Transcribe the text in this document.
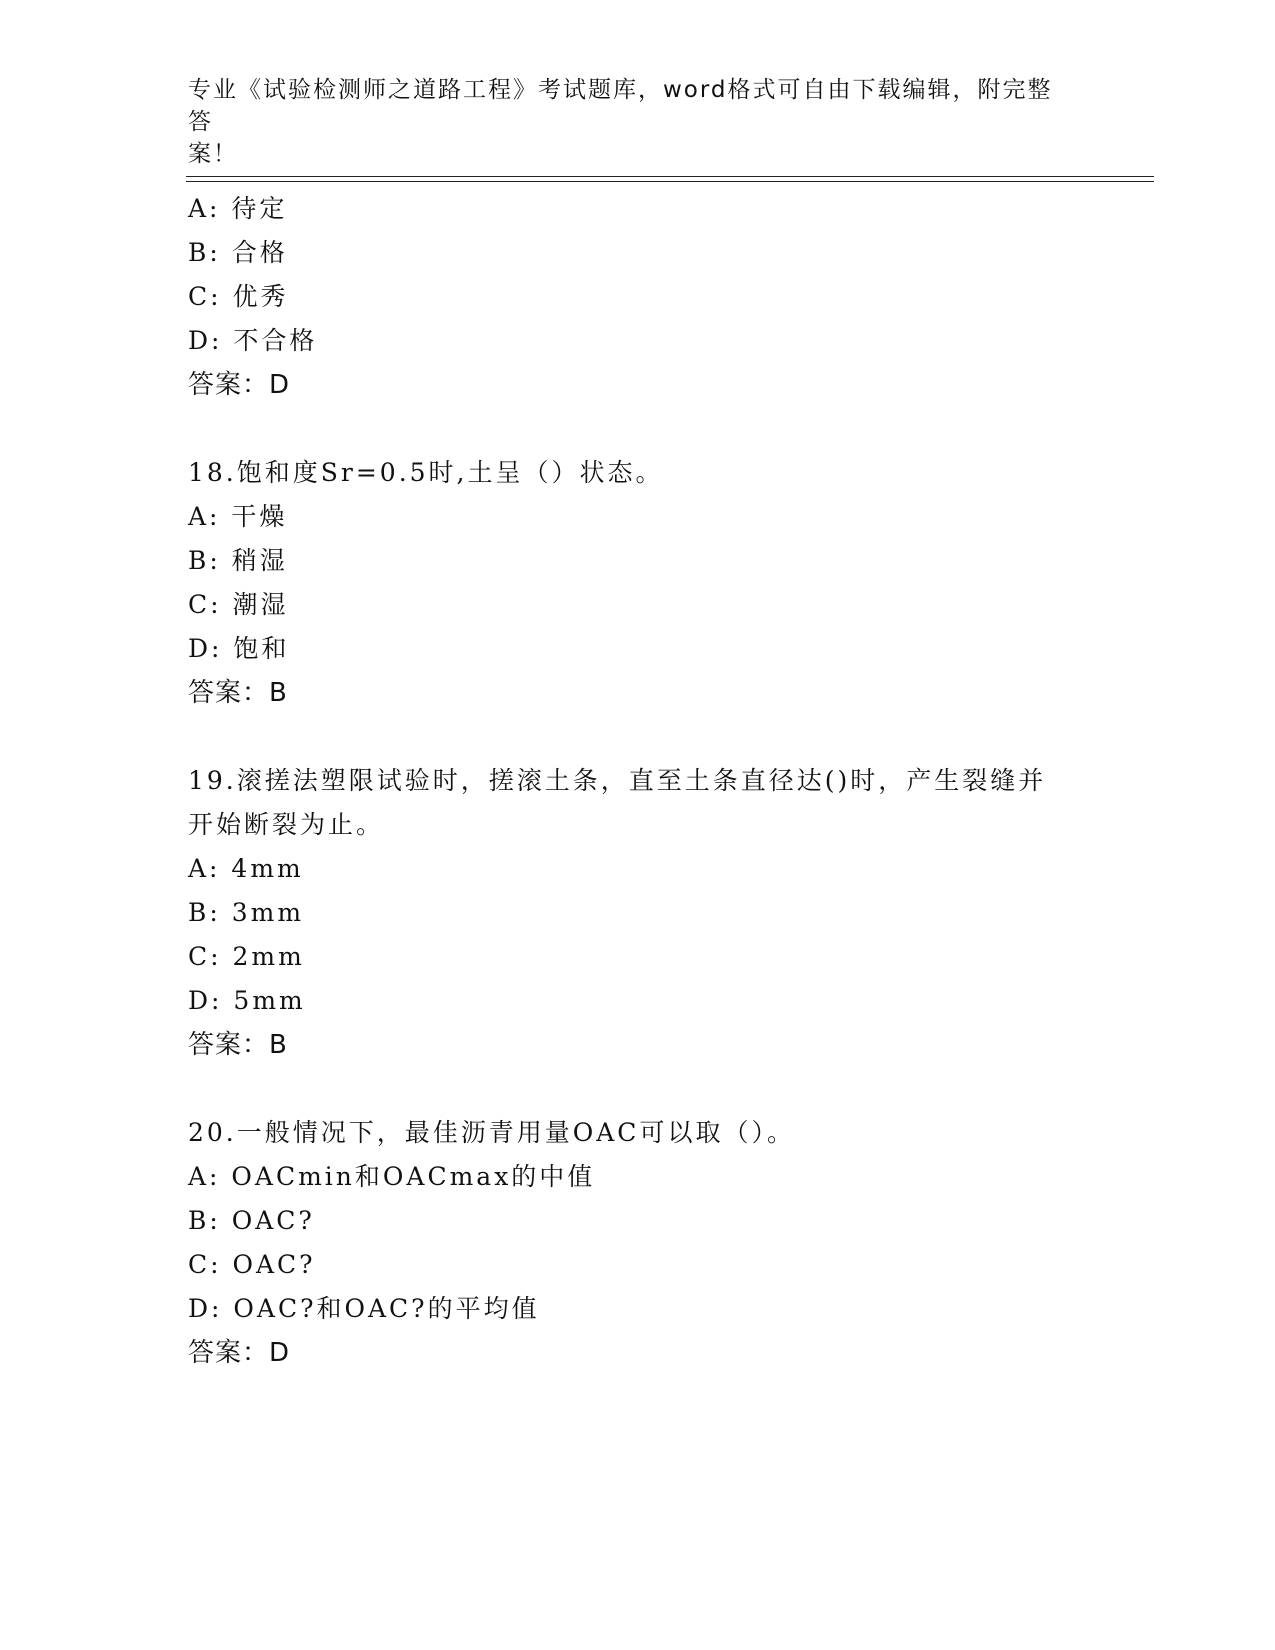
专业《试验检测师之道路工程》考试题库，word格式可自由下载编辑，附完整答
案！
A: 待定
B: 合格
C: 优秀
D: 不合格
答案：D
18.饱和度Sr=0.5时,土呈（）状态。
A: 干燥
B: 稍湿
C: 潮湿
D: 饱和
答案：B
19.滚搓法塑限试验时，搓滚土条，直至土条直径达()时，产生裂缝并
开始断裂为止。
A: 4mm
B: 3mm
C: 2mm
D: 5mm
答案：B
20.一般情况下，最佳沥青用量OAC可以取（）。
A: OACmin和OACmax的中值
B: OAC?
C: OAC?
D: OAC?和OAC?的平均值
答案：D
